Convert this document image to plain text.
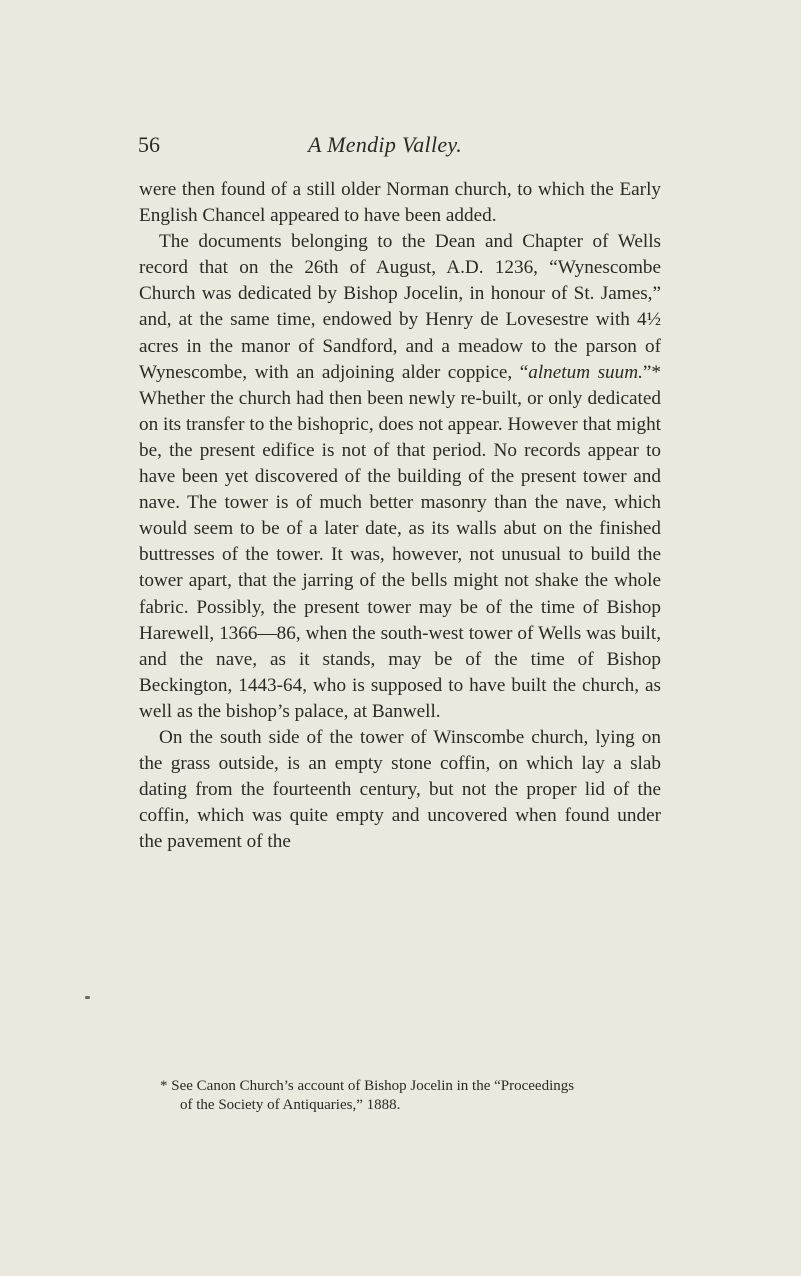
56	A Mendip Valley.

were then found of a still older Norman church, to which the Early English Chancel appeared to have been added.

The documents belonging to the Dean and Chapter of Wells record that on the 26th of August, A.D. 1236, “Wynescombe Church was dedicated by Bishop Jocelin, in honour of St. James,” and, at the same time, endowed by Henry de Lovesestre with 4½ acres in the manor of Sandford, and a meadow to the parson of Wynescombe, with an adjoining alder coppice, “alnetum suum.”* Whether the church had then been newly re-built, or only dedicated on its transfer to the bishopric, does not appear. However that might be, the present edifice is not of that period. No records appear to have been yet discovered of the building of the present tower and nave. The tower is of much better masonry than the nave, which would seem to be of a later date, as its walls abut on the finished buttresses of the tower. It was, however, not unusual to build the tower apart, that the jarring of the bells might not shake the whole fabric. Possibly, the present tower may be of the time of Bishop Harewell, 1366—86, when the south-west tower of Wells was built, and the nave, as it stands, may be of the time of Bishop Beckington, 1443-64, who is supposed to have built the church, as well as the bishop’s palace, at Banwell.

On the south side of the tower of Winscombe church, lying on the grass outside, is an empty stone coffin, on which lay a slab dating from the fourteenth century, but not the proper lid of the coffin, which was quite empty and uncovered when found under the pavement of the

* See Canon Church’s account of Bishop Jocelin in the “Proceedings
of the Society of Antiquaries,” 1888.
